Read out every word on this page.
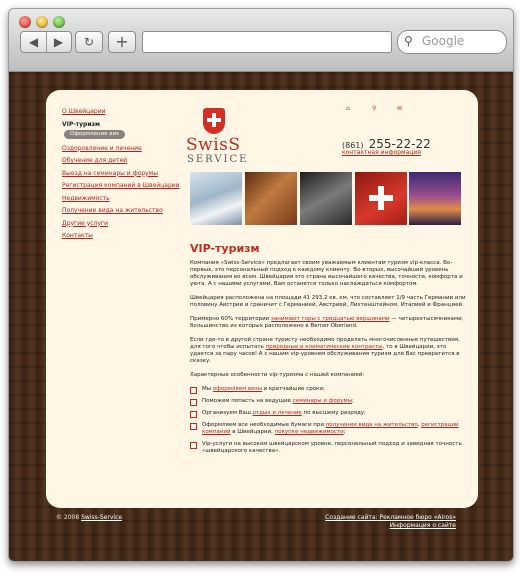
◀ ▶	↻	+	⚲ Google
О Швейцарии
VIP-туризм
Оформление виз
Оздоровление и лечение
Обучение для детей
Выезд на семинары и форумы
Регистрация компаний в Швейцарии
Недвижимость
Получение вида на жительство
Другие услуги
Контакты
SwisS
SERVICE
⌂	⚲	✉
(861) 255-22-22
контактная информация
VIP-туризм

Компания «Swiss-Service» предлагает своим уважаемым клиентам туризм vip-класса. Во-первых, это персональный подход к каждому клиенту. Во-вторых, высочайший уровень обслуживания во всем. Швейцария это страна высочайшего качества, точности, комфорта и уюта. А с нашими услугами, Вам останется только наслаждаться комфортом.

Швейцария расположена на площади 41 293,2 кв. км, что составляет 1/9 часть Германии или половину Австрии и граничит с Германией, Австрией, Лихтенштейном, Италией и Францией.

Примерно 60% территории занимают горы с тридцатью вершинами — четырехтысячниками, большинство из которых расположено в Berner Oberland.

Если где-то в другой стране туристу необходимо проделать многочисленные путешествия, для того чтобы испытать природные и климатические контрасты, то в Швейцарии, это удается за пару часов! А с нашим vip-уровнем обслуживания туризм для Вас превратится в сказку.

Характерные особенности vip-туризма с нашей компанией:

Мы оформляем визы в кратчайшие сроки;
Поможем попасть на ведущие семинары и форумы;
Организуем Ваш отдых и лечение по высшему разряду;
Оформляем все необходимые бумаги при получении вида на жительство, регистрации компаний в Швейцарии, покупке недвижимости;
Vip-услуги на высоком швейцарском уровне, персональный подход и завидная точность «швейцарского качества».
© 2008 Swiss-Service	Создание сайта: Рекламное бюро «Airos»
Информация о сайте
